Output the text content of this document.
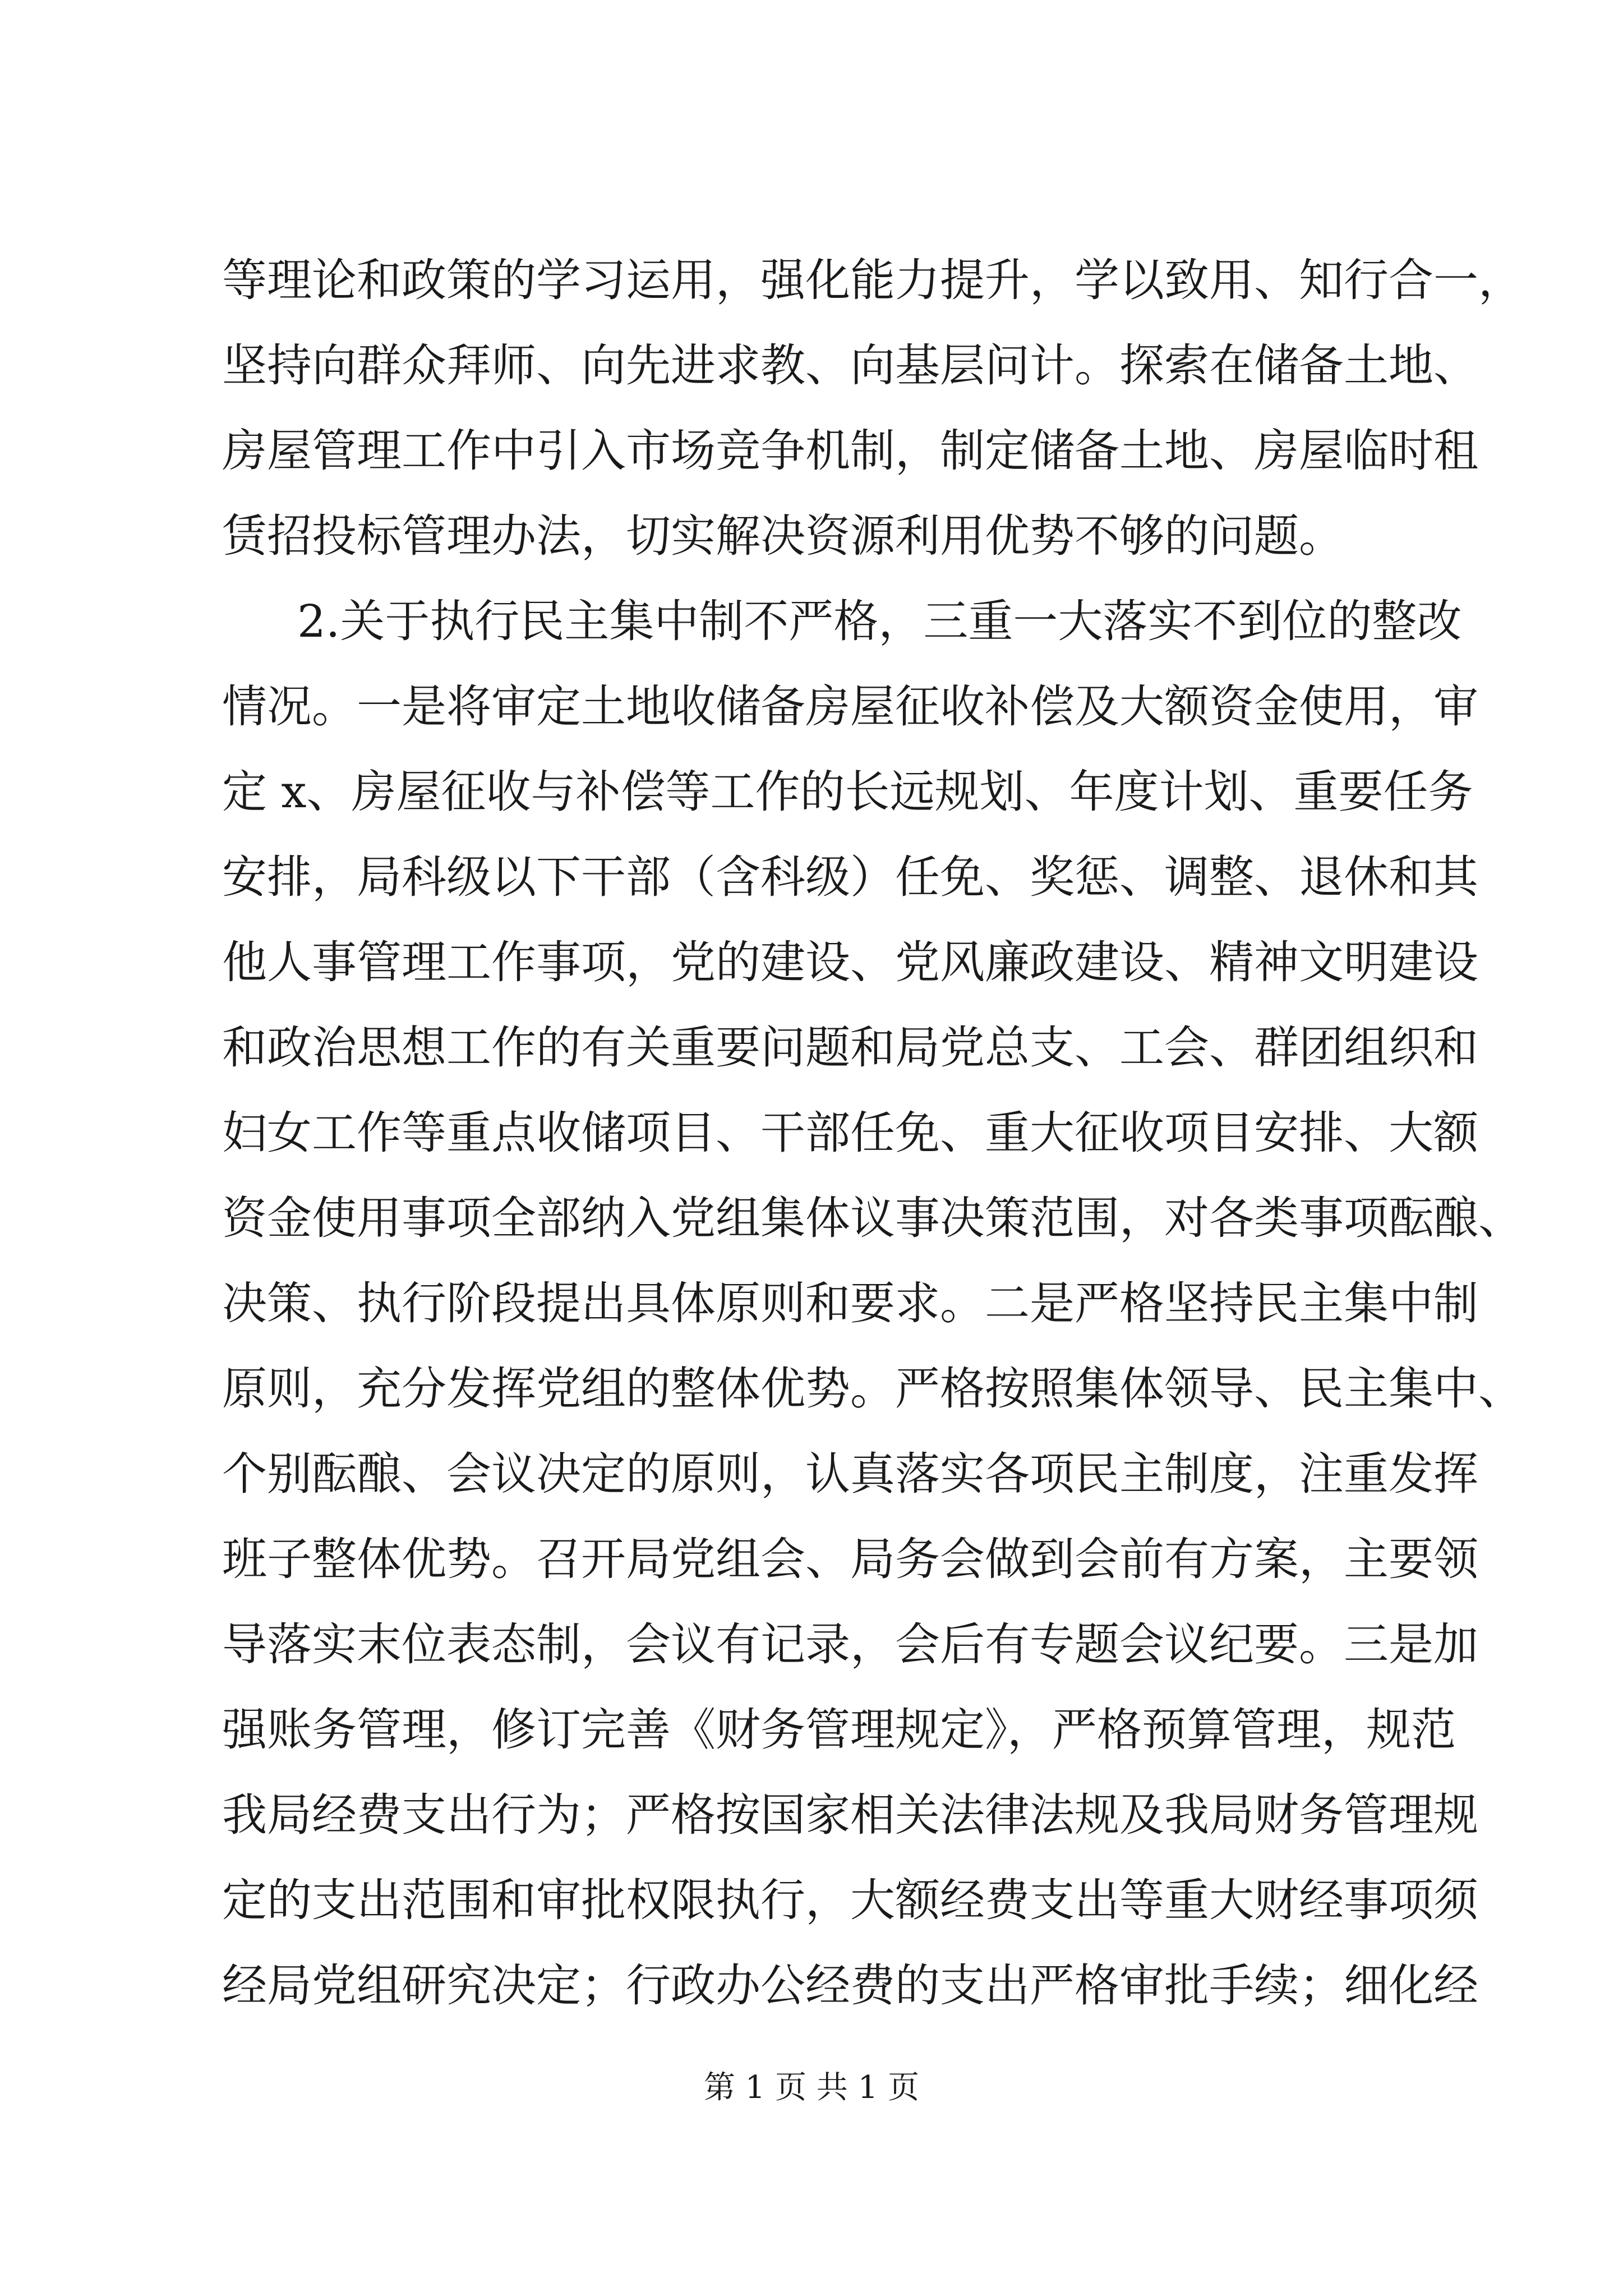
等理论和政策的学习运用，强化能力提升，学以致用、知行合一，
坚持向群众拜师、向先进求教、向基层问计。探索在储备土地、
房屋管理工作中引入市场竞争机制，制定储备土地、房屋临时租
赁招投标管理办法，切实解决资源利用优势不够的问题。
2.关于执行民主集中制不严格，三重一大落实不到位的整改
情况。一是将审定土地收储备房屋征收补偿及大额资金使用，审
定 x、房屋征收与补偿等工作的长远规划、年度计划、重要任务
安排，局科级以下干部（含科级）任免、奖惩、调整、退休和其
他人事管理工作事项，党的建设、党风廉政建设、精神文明建设
和政治思想工作的有关重要问题和局党总支、工会、群团组织和
妇女工作等重点收储项目、干部任免、重大征收项目安排、大额
资金使用事项全部纳入党组集体议事决策范围，对各类事项酝酿、
决策、执行阶段提出具体原则和要求。二是严格坚持民主集中制
原则，充分发挥党组的整体优势。严格按照集体领导、民主集中、
个别酝酿、会议决定的原则，认真落实各项民主制度，注重发挥
班子整体优势。召开局党组会、局务会做到会前有方案，主要领
导落实末位表态制，会议有记录，会后有专题会议纪要。三是加
强账务管理，修订完善《财务管理规定》，严格预算管理，规范
我局经费支出行为；严格按国家相关法律法规及我局财务管理规
定的支出范围和审批权限执行，大额经费支出等重大财经事项须
经局党组研究决定；行政办公经费的支出严格审批手续；细化经
第 1 页 共 1 页
